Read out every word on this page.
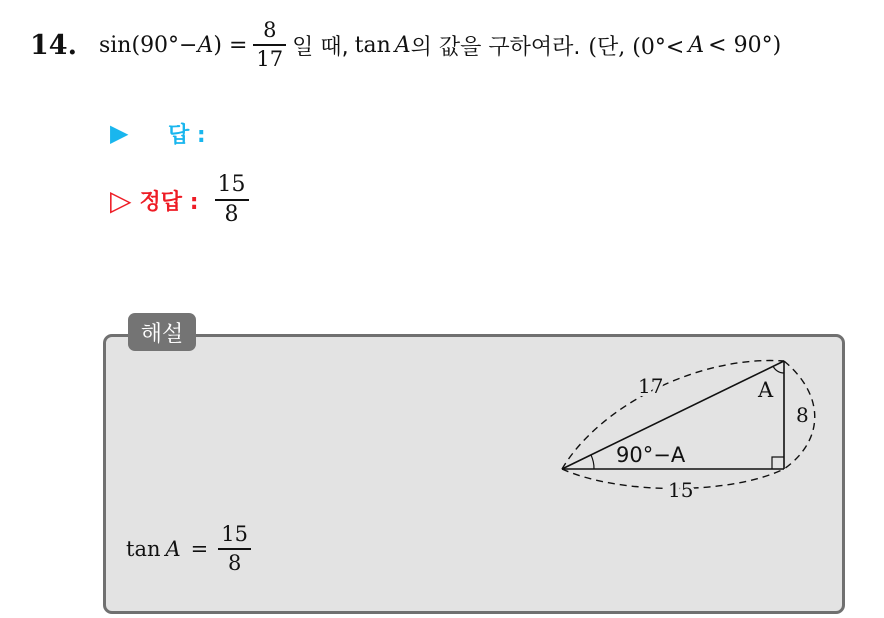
14. $\sin(90^\circ-A) = \frac{8}{17}$ 일 때, tan A 의 값을 구하여라. (단, (0°< A < 90°)
▶	답 :
▷ 정답 : $\frac{15}{8}$
해설
17
8
15
A
90°−A
$\tan A = \frac{15}{8}$
